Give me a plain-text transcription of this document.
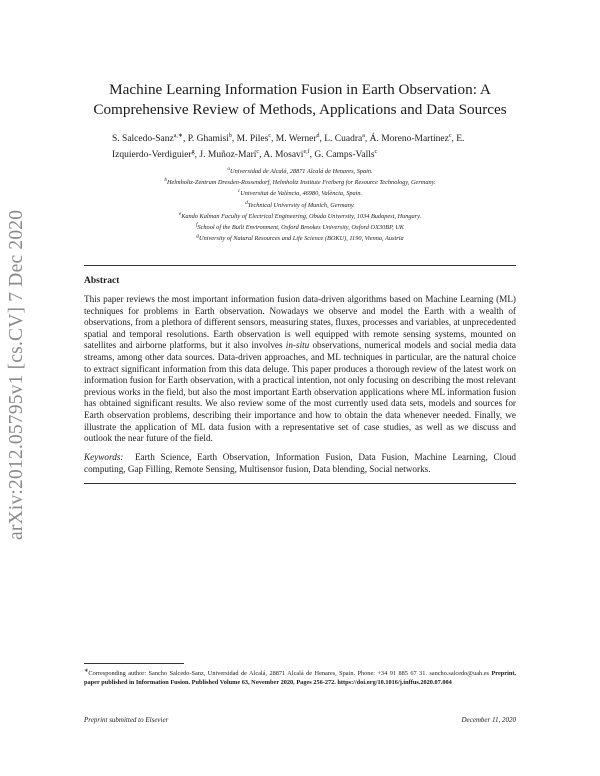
arXiv:2012.05795v1 [cs.CV] 7 Dec 2020
Machine Learning Information Fusion in Earth Observation: A
Comprehensive Review of Methods, Applications and Data Sources
S. Salcedo-Sanz$^{a,∗}$, P. Ghamisi$^b$, M. Piles$^c$, M. Werner$^d$, L. Cuadra$^a$, Á. Moreno-Martínez$^c$, E. Izquierdo-Verdiguier$^g$, J. Muñoz-Marí$^c$, A. Mosavi$^{e,f}$, G. Camps-Valls$^c$
$^a$Universidad de Alcalá, 28871 Alcalá de Henares, Spain.
$^b$Helmholtz-Zentrum Dresden-Rossendorf, Helmholtz Institute Freiberg for Resource Technology, Germany.
$^c$Universitat de València, 46980, València, Spain.
$^d$Technical University of Munich, Germany.
$^e$Kando Kalman Faculty of Electrical Engineering, Obuda University, 1034 Budapest, Hungary.
$^f$School of the Built Environment, Oxford Brookes University, Oxford OX30BP, UK
$^g$University of Natural Resources and Life Science (BOKU), 1190, Vienna, Austria
Abstract
This paper reviews the most important information fusion data-driven algorithms based on Machine Learning (ML) techniques for problems in Earth observation. Nowadays we observe and model the Earth with a wealth of observations, from a plethora of different sensors, measuring states, fluxes, processes and variables, at unprecedented spatial and temporal resolutions. Earth observation is well equipped with remote sensing systems, mounted on satellites and airborne platforms, but it also involves in-situ observations, numerical models and social media data streams, among other data sources. Data-driven approaches, and ML techniques in particular, are the natural choice to extract significant information from this data deluge. This paper produces a thorough review of the latest work on information fusion for Earth observation, with a practical intention, not only focusing on describing the most relevant previous works in the field, but also the most important Earth observation applications where ML information fusion has obtained significant results. We also review some of the most currently used data sets, models and sources for Earth observation problems, describing their importance and how to obtain the data whenever needed. Finally, we illustrate the application of ML data fusion with a representative set of case studies, as well as we discuss and outlook the near future of the field.
Keywords: Earth Science, Earth Observation, Information Fusion, Data Fusion, Machine Learning, Cloud computing, Gap Filling, Remote Sensing, Multisensor fusion, Data blending, Social networks.
∗Corresponding author: Sancho Salcedo-Sanz, Universidad de Alcalá, 28871 Alcalá de Henares, Spain. Phone: +34 91 885 67 31. sancho.salcedo@uah.es Preprint, paper published in Information Fusion. Published Volume 63, November 2020, Pages 256-272. https://doi.org/10.1016/j.inffus.2020.07.004
Preprint submitted to Elsevier	December 11, 2020
